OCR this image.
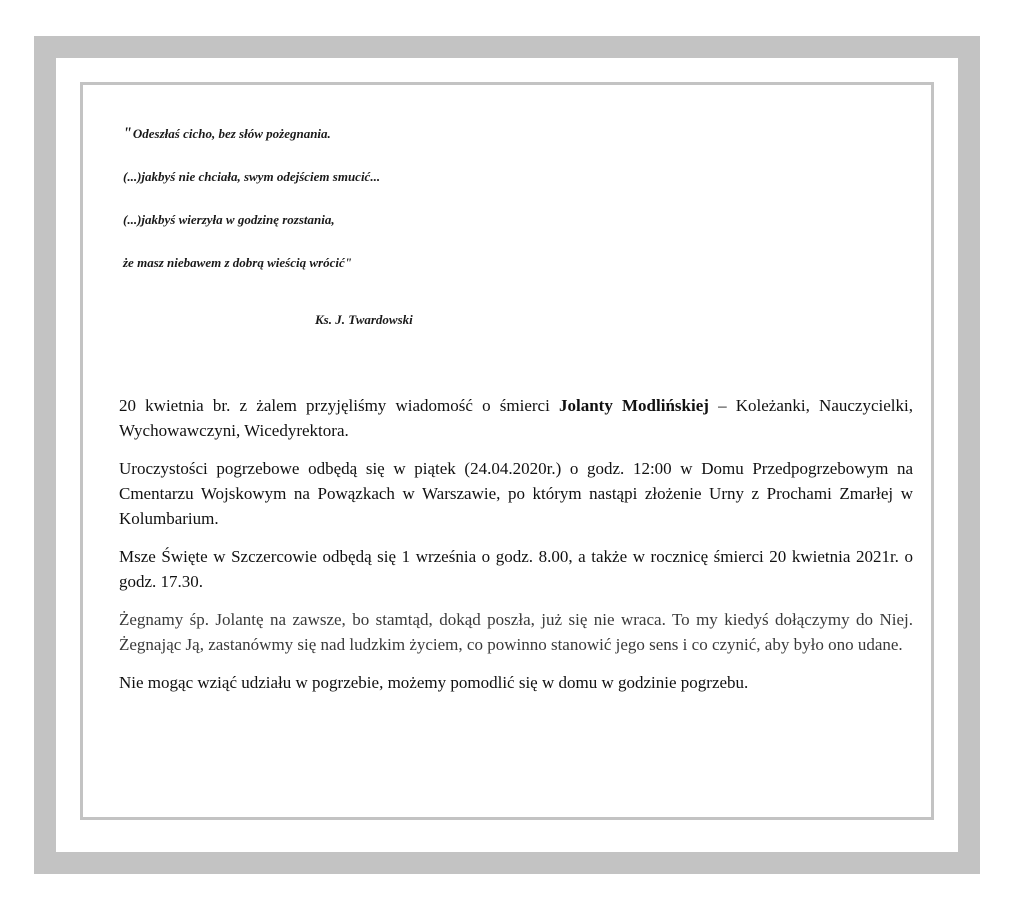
"Odeszłaś cicho, bez słów pożegnania.
(...)jakbyś nie chciała, swym odejściem smucić...
(...)jakbyś wierzyła w godzinę rozstania,
że masz niebawem z dobrą wieścią wrócić"
Ks. J. Twardowski

20 kwietnia br. z żalem przyjęliśmy wiadomość o śmierci Jolanty Modlińskiej – Koleżanki, Nauczycielki, Wychowawczyni, Wicedyrektora.

Uroczystości pogrzebowe odbędą się w piątek (24.04.2020r.) o godz. 12:00 w Domu Przedpogrzebowym na Cmentarzu Wojskowym na Powązkach w Warszawie, po którym nastąpi złożenie Urny z Prochami Zmarłej w Kolumbarium.

Msze Święte w Szczercowie odbędą się 1 września o godz. 8.00, a także w rocznicę śmierci 20 kwietnia 2021r. o godz. 17.30.

Żegnamy śp. Jolantę na zawsze, bo stamtąd, dokąd poszła, już się nie wraca. To my kiedyś dołączymy do Niej. Żegnając Ją, zastanówmy się nad ludzkim życiem, co powinno stanowić jego sens i co czynić, aby było ono udane.

Nie mogąc wziąć udziału w pogrzebie, możemy pomodlić się w domu w godzinie pogrzebu.
